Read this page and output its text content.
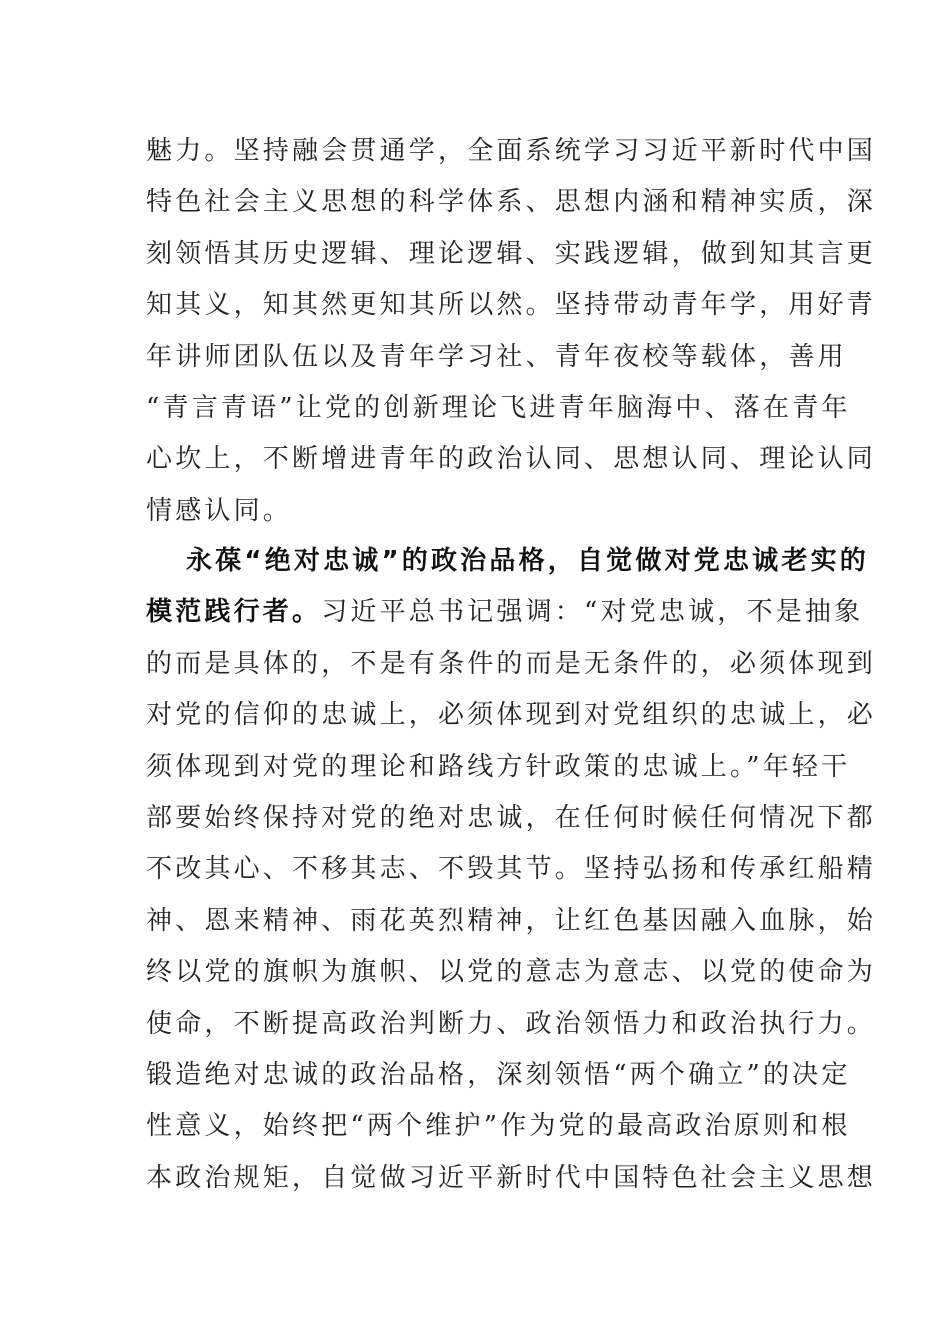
魅力。坚持融会贯通学，全面系统学习习近平新时代中国
特色社会主义思想的科学体系、思想内涵和精神实质，深
刻领悟其历史逻辑、理论逻辑、实践逻辑，做到知其言更
知其义，知其然更知其所以然。坚持带动青年学，用好青
年讲师团队伍以及青年学习社、青年夜校等载体，善用
“青言青语”让党的创新理论飞进青年脑海中、落在青年
心坎上，不断增进青年的政治认同、思想认同、理论认同
情感认同。
永葆“绝对忠诚”的政治品格，自觉做对党忠诚老实的
模范践行者。习近平总书记强调：“对党忠诚，不是抽象
的而是具体的，不是有条件的而是无条件的，必须体现到
对党的信仰的忠诚上，必须体现到对党组织的忠诚上，必
须体现到对党的理论和路线方针政策的忠诚上。”年轻干
部要始终保持对党的绝对忠诚，在任何时候任何情况下都
不改其心、不移其志、不毁其节。坚持弘扬和传承红船精
神、恩来精神、雨花英烈精神，让红色基因融入血脉，始
终以党的旗帜为旗帜、以党的意志为意志、以党的使命为
使命，不断提高政治判断力、政治领悟力和政治执行力。
锻造绝对忠诚的政治品格，深刻领悟“两个确立”的决定
性意义，始终把“两个维护”作为党的最高政治原则和根
本政治规矩，自觉做习近平新时代中国特色社会主义思想
